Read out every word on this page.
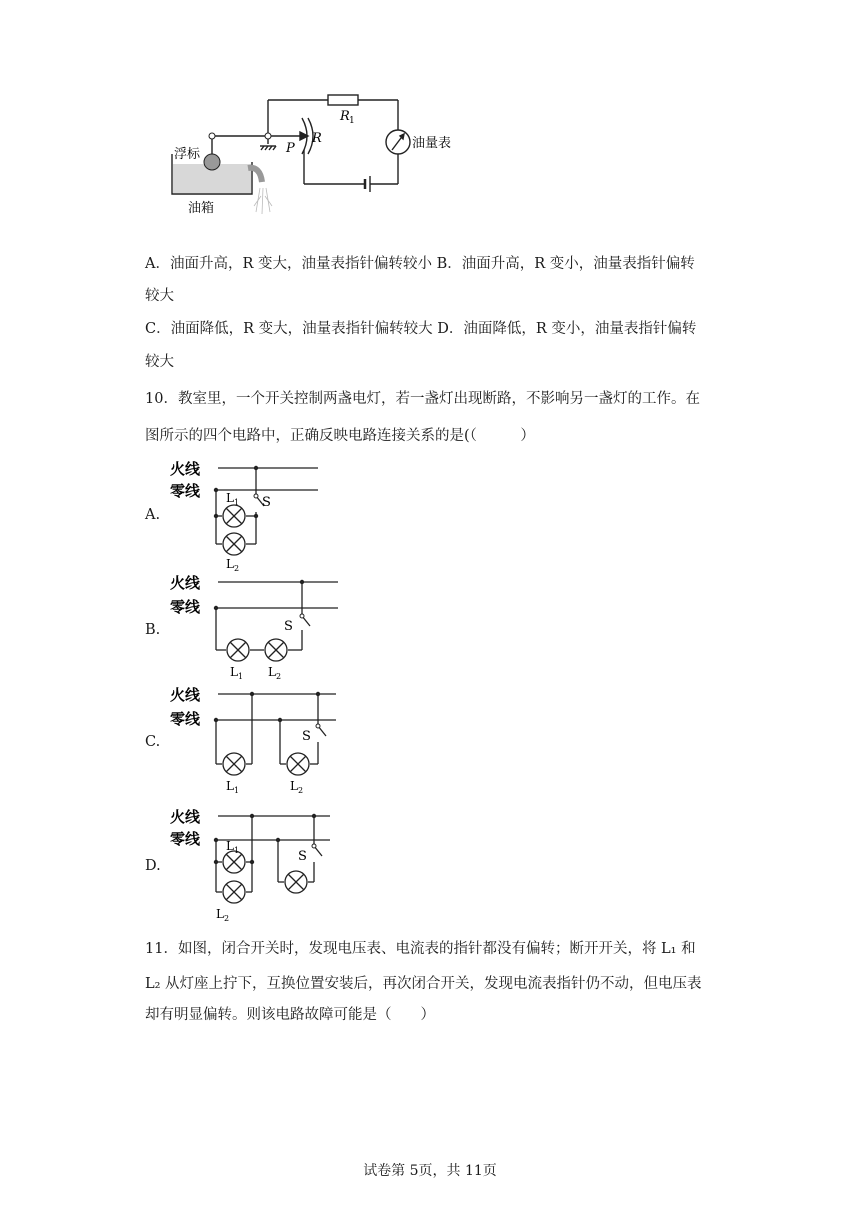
浮标
油箱
油量表
R 1
R
P
A．油面升高，R 变大，油量表指针偏转较小 B．油面升高，R 变小，油量表指针偏转
较大
C．油面降低，R 变大，油量表指针偏转较大 D．油面降低，R 变小，油量表指针偏转
较大
10．教室里，一个开关控制两盏电灯，若一盏灯出现断路，不影响另一盏灯的工作。在
图所示的四个电路中，正确反映电路连接关系的是(（　　　）
A.
火线
零线
S
L 1
L 2
B.
火线
零线
S
L 1 L 2
C.
火线
零线
S
L 1	L 2
D.
火线
零线
S
L 1
L 2
11．如图，闭合开关时，发现电压表、电流表的指针都没有偏转；断开开关，将 L₁ 和
L₂ 从灯座上拧下，互换位置安装后，再次闭合开关，发现电流表指针仍不动，但电压表
却有明显偏转。则该电路故障可能是（　　）
试卷第 5页，共 11页
